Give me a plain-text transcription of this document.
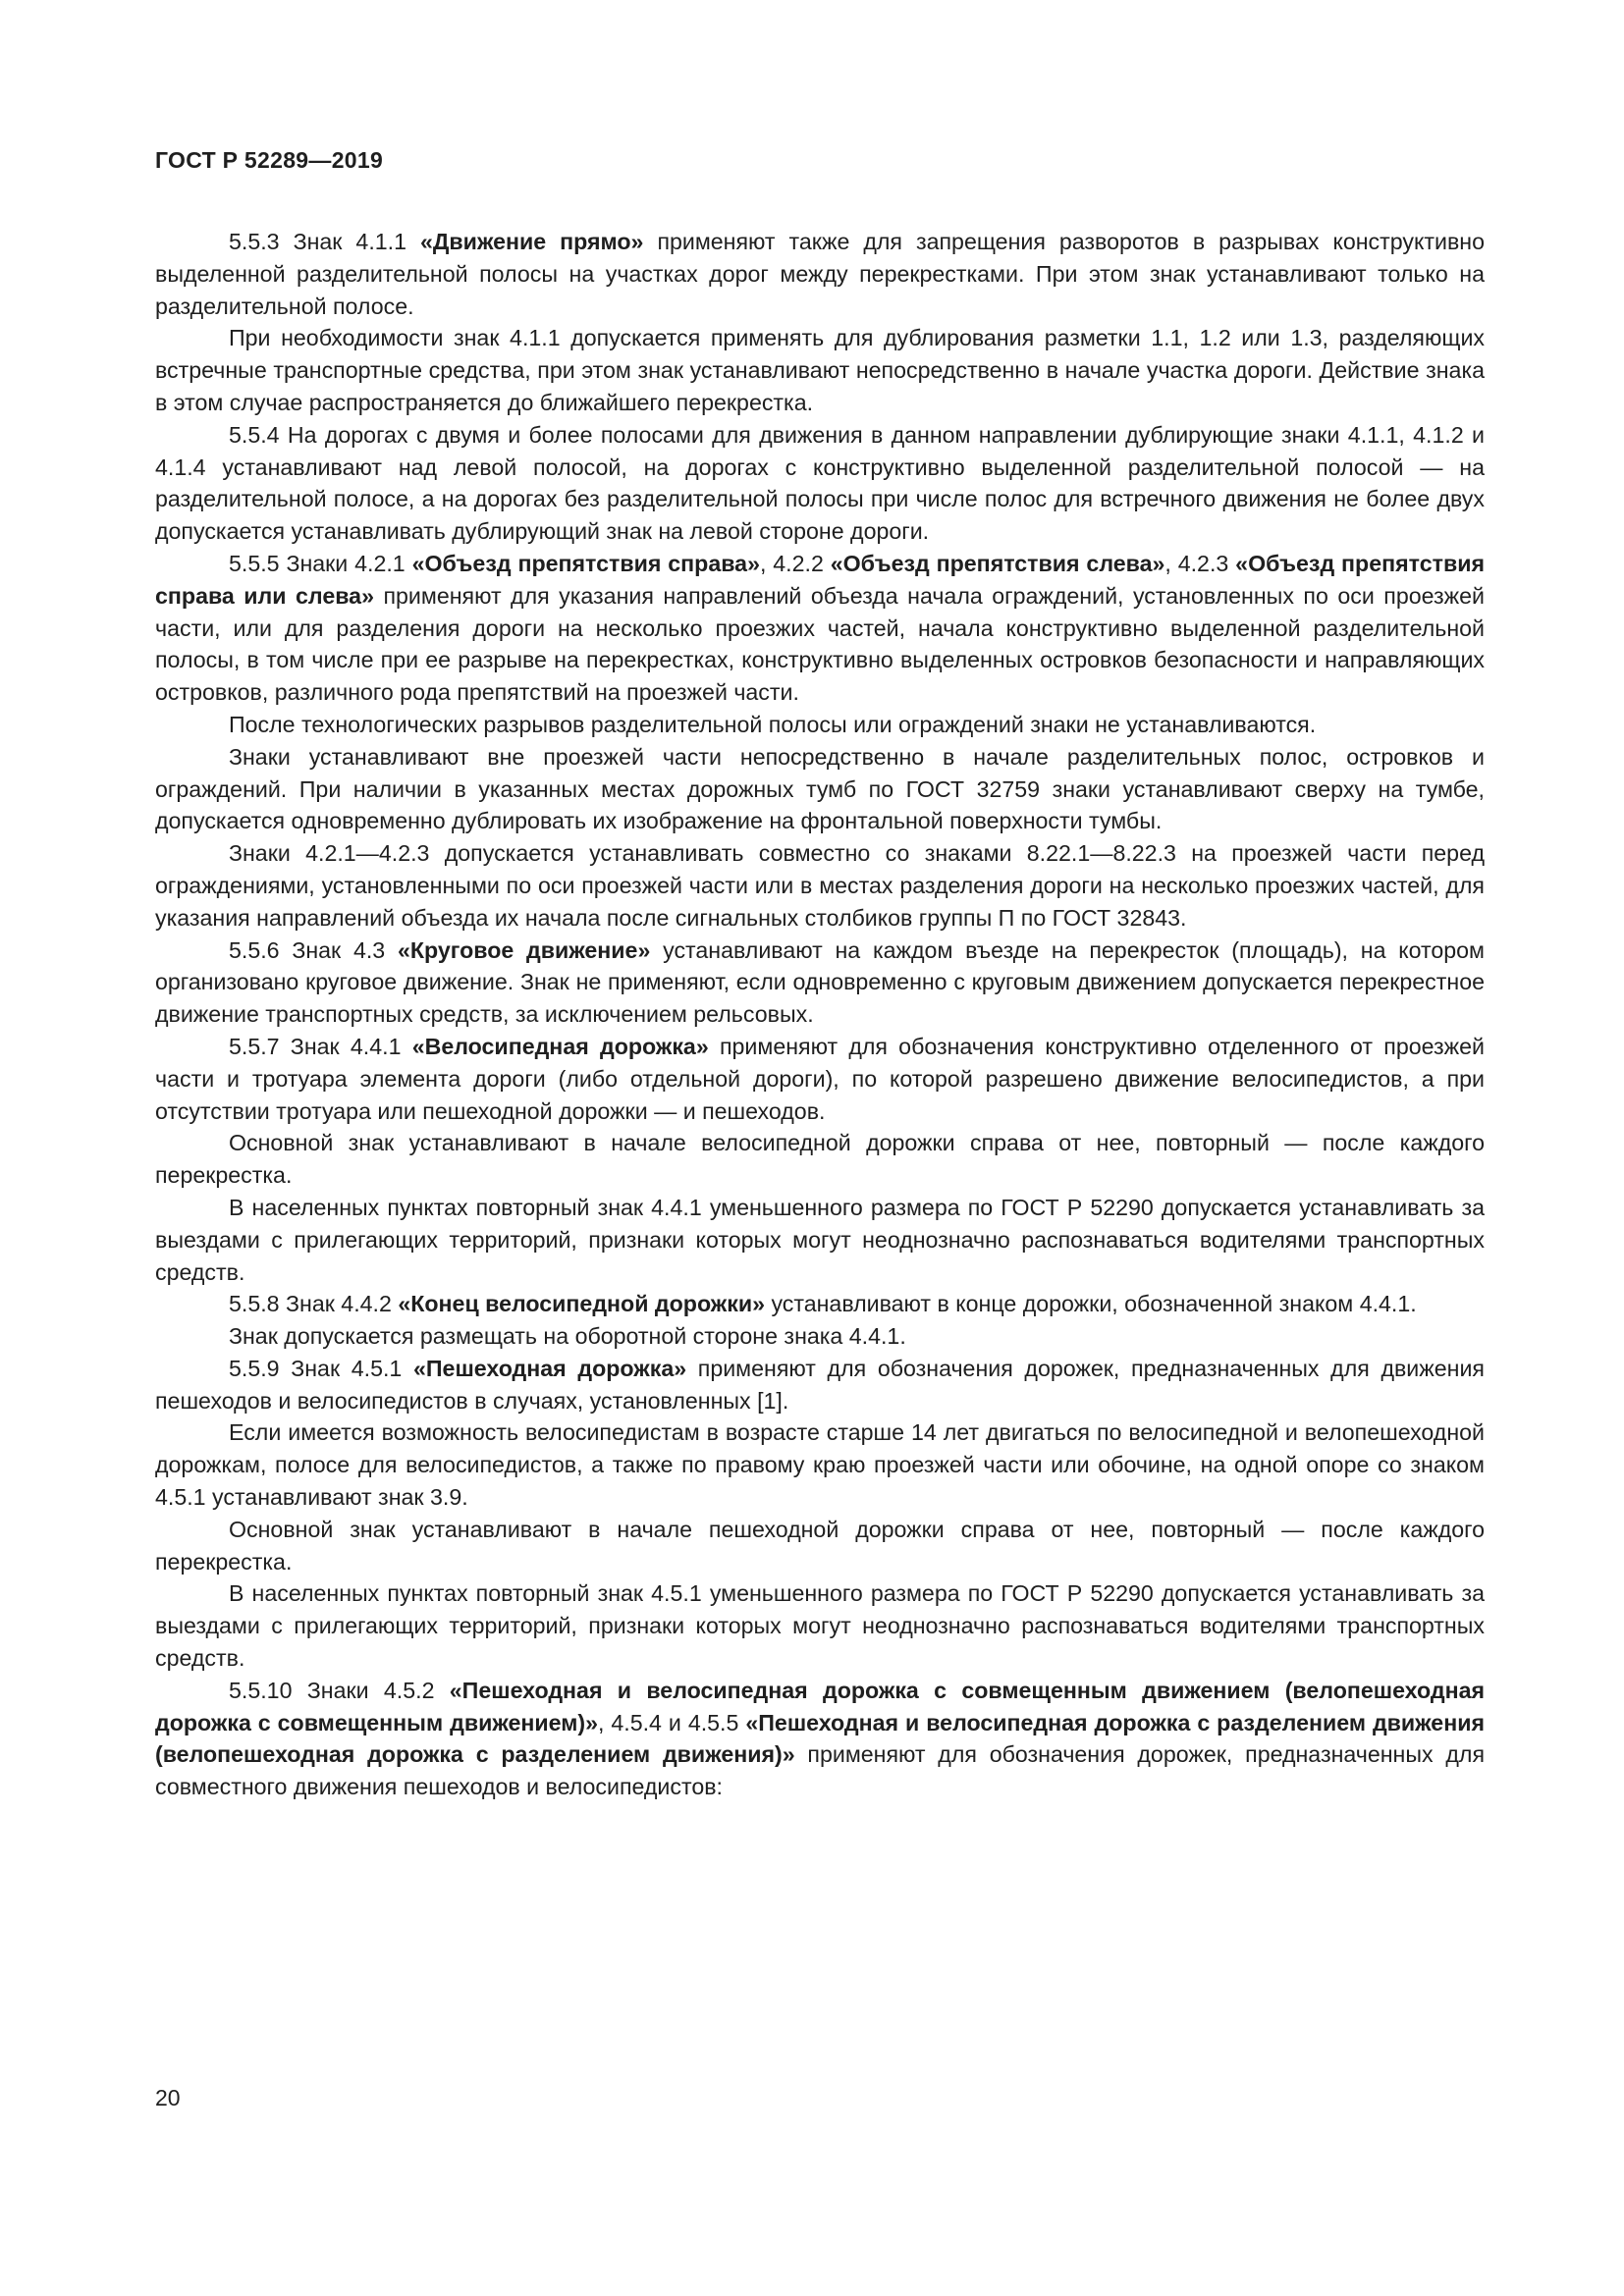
ГОСТ Р 52289—2019

5.5.3 Знак 4.1.1 «Движение прямо» применяют также для запрещения разворотов в разрывах конструктивно выделенной разделительной полосы на участках дорог между перекрестками. При этом знак устанавливают только на разделительной полосе.

При необходимости знак 4.1.1 допускается применять для дублирования разметки 1.1, 1.2 или 1.3, разделяющих встречные транспортные средства, при этом знак устанавливают непосредственно в начале участка дороги. Действие знака в этом случае распространяется до ближайшего перекрестка.

5.5.4 На дорогах с двумя и более полосами для движения в данном направлении дублирующие знаки 4.1.1, 4.1.2 и 4.1.4 устанавливают над левой полосой, на дорогах с конструктивно выделенной разделительной полосой — на разделительной полосе, а на дорогах без разделительной полосы при числе полос для встречного движения не более двух допускается устанавливать дублирующий знак на левой стороне дороги.

5.5.5 Знаки 4.2.1 «Объезд препятствия справа», 4.2.2 «Объезд препятствия слева», 4.2.3 «Объезд препятствия справа или слева» применяют для указания направлений объезда начала ограждений, установленных по оси проезжей части, или для разделения дороги на несколько проезжих частей, начала конструктивно выделенной разделительной полосы, в том числе при ее разрыве на перекрестках, конструктивно выделенных островков безопасности и направляющих островков, различного рода препятствий на проезжей части.

После технологических разрывов разделительной полосы или ограждений знаки не устанавливаются.

Знаки устанавливают вне проезжей части непосредственно в начале разделительных полос, островков и ограждений. При наличии в указанных местах дорожных тумб по ГОСТ 32759 знаки устанавливают сверху на тумбе, допускается одновременно дублировать их изображение на фронтальной поверхности тумбы.

Знаки 4.2.1—4.2.3 допускается устанавливать совместно со знаками 8.22.1—8.22.3 на проезжей части перед ограждениями, установленными по оси проезжей части или в местах разделения дороги на несколько проезжих частей, для указания направлений объезда их начала после сигнальных столбиков группы П по ГОСТ 32843.

5.5.6 Знак 4.3 «Круговое движение» устанавливают на каждом въезде на перекресток (площадь), на котором организовано круговое движение. Знак не применяют, если одновременно с круговым движением допускается перекрестное движение транспортных средств, за исключением рельсовых.

5.5.7 Знак 4.4.1 «Велосипедная дорожка» применяют для обозначения конструктивно отделенного от проезжей части и тротуара элемента дороги (либо отдельной дороги), по которой разрешено движение велосипедистов, а при отсутствии тротуара или пешеходной дорожки — и пешеходов.

Основной знак устанавливают в начале велосипедной дорожки справа от нее, повторный — после каждого перекрестка.

В населенных пунктах повторный знак 4.4.1 уменьшенного размера по ГОСТ Р 52290 допускается устанавливать за выездами с прилегающих территорий, признаки которых могут неоднозначно распознаваться водителями транспортных средств.

5.5.8 Знак 4.4.2 «Конец велосипедной дорожки» устанавливают в конце дорожки, обозначенной знаком 4.4.1.

Знак допускается размещать на оборотной стороне знака 4.4.1.

5.5.9 Знак 4.5.1 «Пешеходная дорожка» применяют для обозначения дорожек, предназначенных для движения пешеходов и велосипедистов в случаях, установленных [1].

Если имеется возможность велосипедистам в возрасте старше 14 лет двигаться по велосипедной и велопешеходной дорожкам, полосе для велосипедистов, а также по правому краю проезжей части или обочине, на одной опоре со знаком 4.5.1 устанавливают знак 3.9.

Основной знак устанавливают в начале пешеходной дорожки справа от нее, повторный — после каждого перекрестка.

В населенных пунктах повторный знак 4.5.1 уменьшенного размера по ГОСТ Р 52290 допускается устанавливать за выездами с прилегающих территорий, признаки которых могут неоднозначно распознаваться водителями транспортных средств.

5.5.10 Знаки 4.5.2 «Пешеходная и велосипедная дорожка с совмещенным движением (велопешеходная дорожка с совмещенным движением)», 4.5.4 и 4.5.5 «Пешеходная и велосипедная дорожка с разделением движения (велопешеходная дорожка с разделением движения)» применяют для обозначения дорожек, предназначенных для совместного движения пешеходов и велосипедистов:

20
